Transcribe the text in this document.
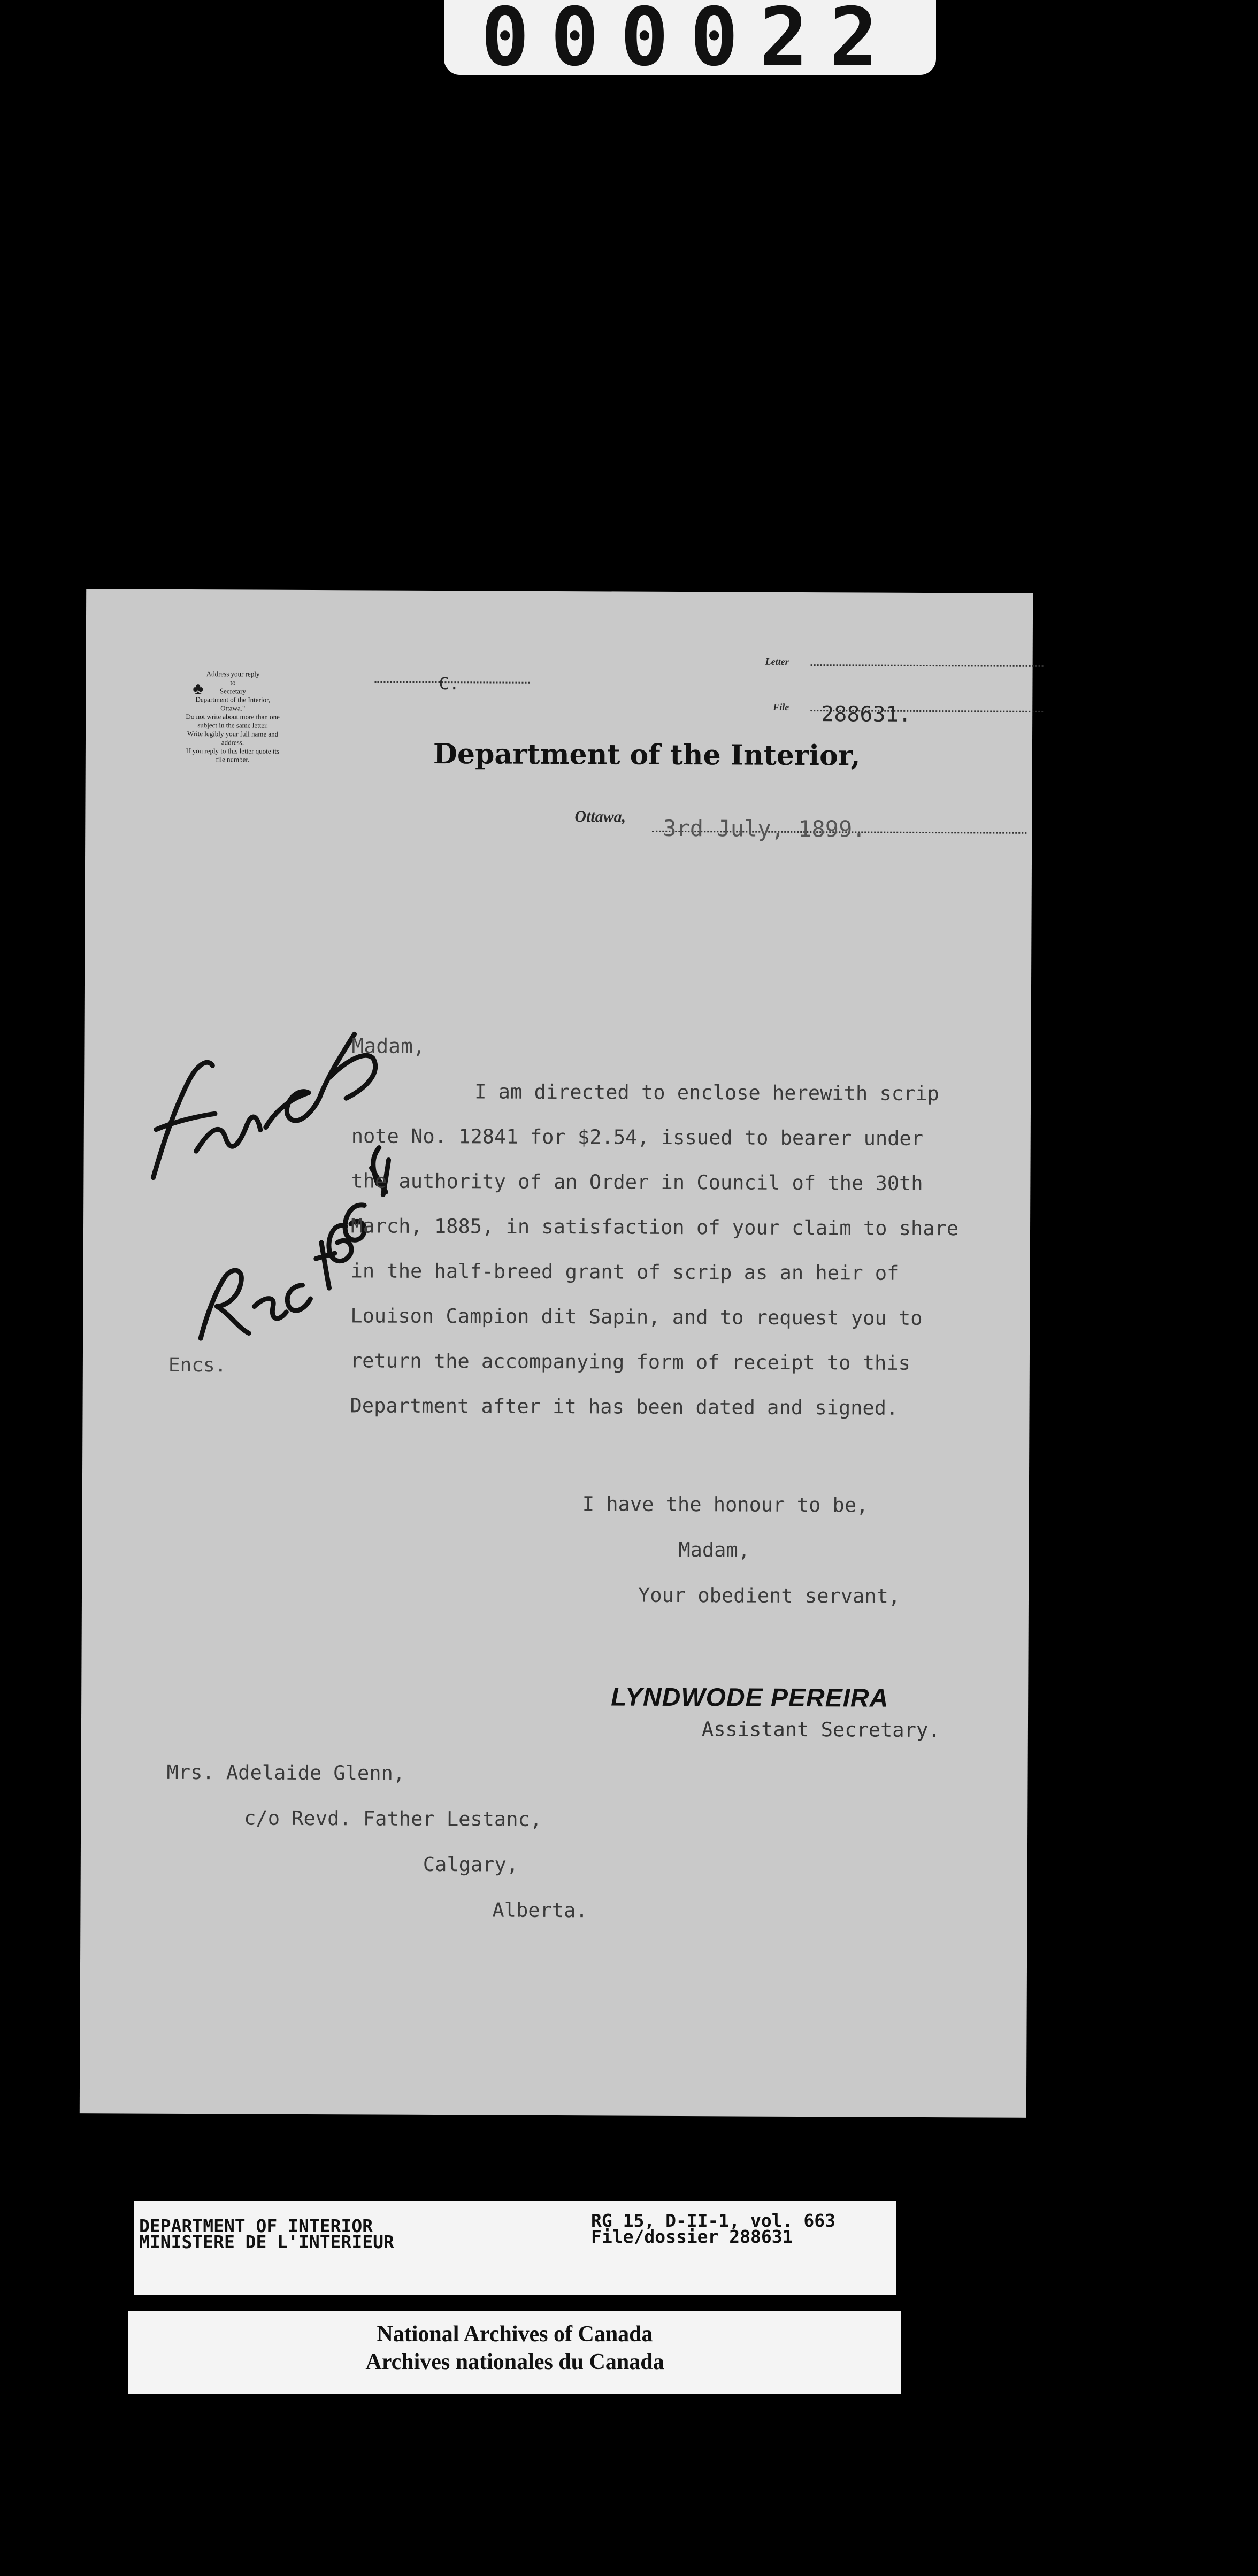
000022
Address your reply
to
Secretary
Department of the Interior,
Ottawa."
Do not write about more than one
subject in the same letter.
Write legibly your full name and
address.
If you reply to this letter quote its
file number.
♣	C.
Letter
File 288631.
Department of the Interior,
Ottawa, 3rd July, 1899.
Madam,
I am directed to enclose herewith scrip
note No. 12841 for $2.54, issued to bearer under
the authority of an Order in Council of the 30th
March, 1885, in satisfaction of your claim to share
in the half-breed grant of scrip as an heir of
Louison Campion dit Sapin, and to request you to
return the accompanying form of receipt to this
Department after it has been dated and signed.
Encs.
I have the honour to be,
Madam,
Your obedient servant,
LYNDWODE PEREIRA
Assistant Secretary.
Mrs. Adelaide Glenn,
c/o Revd. Father Lestanc,
Calgary,
Alberta.
DEPARTMENT OF INTERIOR
MINISTERE DE L'INTERIEUR
RG 15, D-II-1, vol. 663
File/dossier 288631
National Archives of Canada
Archives nationales du Canada
